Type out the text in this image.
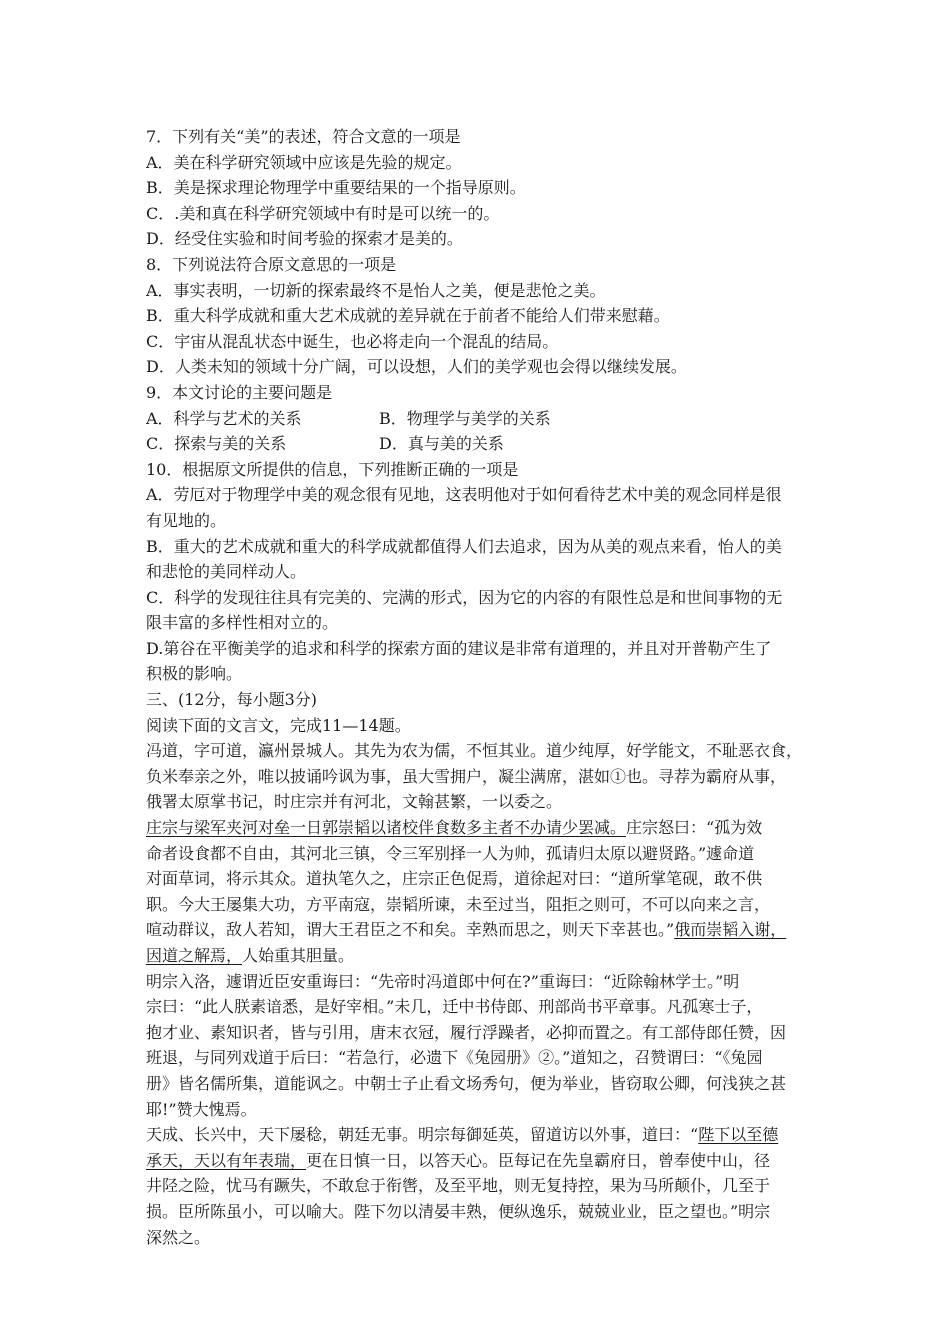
7．下列有关“美”的表述，符合文意的一项是
A．美在科学研究领域中应该是先验的规定。
B．美是探求理论物理学中重要结果的一个指导原则。
C．.美和真在科学研究领域中有时是可以统一的。
D．经受住实验和时间考验的探索才是美的。
8．下列说法符合原文意思的一项是
A．事实表明，一切新的探索最终不是怡人之美，便是悲怆之美。
B．重大科学成就和重大艺术成就的差异就在于前者不能给人们带来慰藉。
C．宇宙从混乱状态中诞生，也必将走向一个混乱的结局。
D．人类未知的领域十分广阔，可以设想，人们的美学观也会得以继续发展。
9．本文讨论的主要问题是
A．科学与艺术的关系	B．物理学与美学的关系
C．探索与美的关系	D．真与美的关系
10．根据原文所提供的信息，下列推断正确的一项是
A．劳厄对于物理学中美的观念很有见地，这表明他对于如何看待艺术中美的观念同样是很
有见地的。
B．重大的艺术成就和重大的科学成就都值得人们去追求，因为从美的观点来看，怡人的美
和悲怆的美同样动人。
C．科学的发现往往具有完美的、完满的形式，因为它的内容的有限性总是和世间事物的无
限丰富的多样性相对立的。
D.第谷在平衡美学的追求和科学的探索方面的建议是非常有道理的，并且对开普勒产生了
积极的影响。
三、(12分，每小题3分)
阅读下面的文言文，完成11—14题。
冯道，字可道，瀛州景城人。其先为农为儒，不恒其业。道少纯厚，好学能文，不耻恶衣食，
负米奉亲之外，唯以披诵吟讽为事，虽大雪拥户，凝尘满席，湛如①也。寻荐为霸府从事，
俄署太原掌书记，时庄宗并有河北，文翰甚繁，一以委之。
庄宗与梁军夹河对垒一日郭崇韬以诸校伴食数多主者不办请少罢减。庄宗怒曰：“孤为效
命者设食都不自由，其河北三镇，令三军别择一人为帅，孤请归太原以避贤路。”遽命道
对面草词，将示其众。道执笔久之，庄宗正色促焉，道徐起对曰：“道所掌笔砚，敢不供
职。今大王屡集大功，方平南寇，崇韬所谏，未至过当，阻拒之则可，不可以向来之言，
喧动群议，敌人若知，谓大王君臣之不和矣。幸熟而思之，则天下幸甚也。”俄而崇韬入谢，
因道之解焉，人始重其胆量。
明宗入洛，遽谓近臣安重诲曰：“先帝时冯道郎中何在?”重诲曰：“近除翰林学士。”明
宗曰：“此人朕素谙悉，是好宰相。”未几，迁中书侍郎、刑部尚书平章事。凡孤寒士子，
抱才业、素知识者，皆与引用，唐末衣冠，履行浮躁者，必抑而置之。有工部侍郎任赞，因
班退，与同列戏道于后曰：“若急行，必遗下《兔园册》②。”道知之，召赞谓曰：“《兔园
册》皆名儒所集，道能讽之。中朝士子止看文场秀句，便为举业，皆窃取公卿，何浅狭之甚
耶!”赞大愧焉。
天成、长兴中，天下屡稔，朝廷无事。明宗每御延英，留道访以外事，道曰：“陛下以至德
承天，天以有年表瑞，更在日慎一日，以答天心。臣每记在先皇霸府日，曾奉使中山，径
井陉之险，忧马有蹶失，不敢怠于衔辔，及至平地，则无复持控，果为马所颠仆，几至于
损。臣所陈虽小，可以喻大。陛下勿以清晏丰熟，便纵逸乐，兢兢业业，臣之望也。”明宗
深然之。
